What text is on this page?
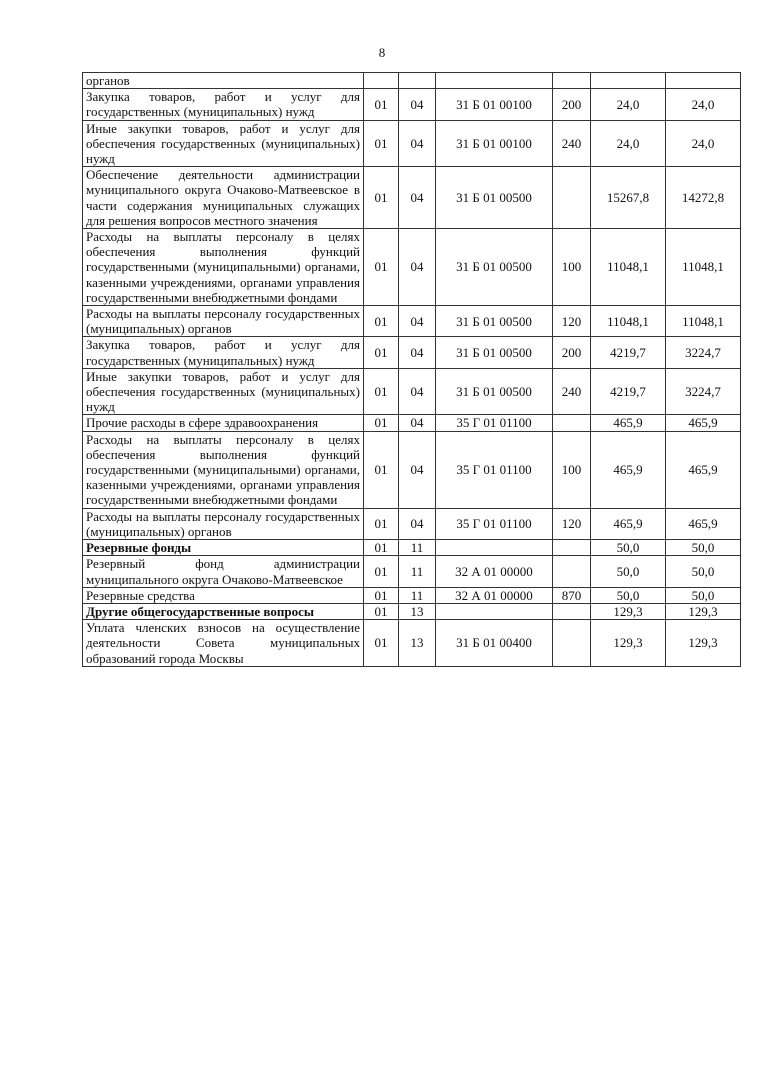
8
органов						
Закупка товаров, работ и услуг для государственных (муниципальных) нужд	01	04	31 Б 01 00100	200	24,0	24,0
Иные закупки товаров, работ и услуг для обеспечения государственных (муниципальных) нужд	01	04	31 Б 01 00100	240	24,0	24,0
Обеспечение деятельности администрации муниципального округа Очаково-Матвеевское в части содержания муниципальных служащих для решения вопросов местного значения	01	04	31 Б 01 00500		15267,8	14272,8
Расходы на выплаты персоналу в целях обеспечения выполнения функций государственными (муниципальными) органами, казенными учреждениями, органами управления государственными внебюджетными фондами	01	04	31 Б 01 00500	100	11048,1	11048,1
Расходы на выплаты персоналу государственных (муниципальных) органов	01	04	31 Б 01 00500	120	11048,1	11048,1
Закупка товаров, работ и услуг для государственных (муниципальных) нужд	01	04	31 Б 01 00500	200	4219,7	3224,7
Иные закупки товаров, работ и услуг для обеспечения государственных (муниципальных) нужд	01	04	31 Б 01 00500	240	4219,7	3224,7
Прочие расходы в сфере здравоохранения	01	04	35 Г 01 01100		465,9	465,9
Расходы на выплаты персоналу в целях обеспечения выполнения функций государственными (муниципальными) органами, казенными учреждениями, органами управления государственными внебюджетными фондами	01	04	35 Г 01 01100	100	465,9	465,9
Расходы на выплаты персоналу государственных (муниципальных) органов	01	04	35 Г 01 01100	120	465,9	465,9
Резервные фонды	01	11			50,0	50,0
Резервный фонд администрации муниципального округа Очаково-Матвеевское	01	11	32 А 01 00000		50,0	50,0
Резервные средства	01	11	32 А 01 00000	870	50,0	50,0
Другие общегосударственные вопросы	01	13			129,3	129,3
Уплата членских взносов на осуществление деятельности Совета муниципальных образований города Москвы	01	13	31 Б 01 00400		129,3	129,3
